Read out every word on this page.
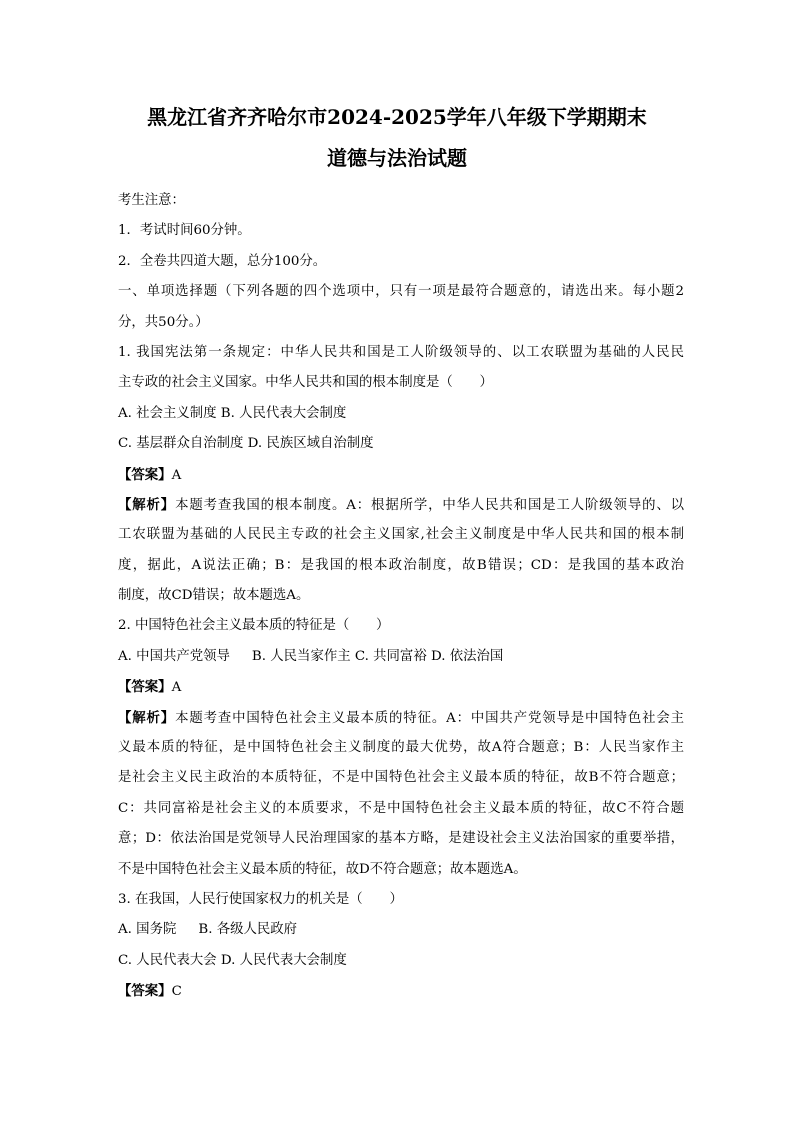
黑龙江省齐齐哈尔市2024-2025学年八年级下学期期末
道德与法治试题
考生注意：
1．考试时间60分钟。
2．全卷共四道大题，总分100分。
一、单项选择题（下列各题的四个选项中，只有一项是最符合题意的，请选出来。每小题2
分，共50分。）
1. 我国宪法第一条规定：中华人民共和国是工人阶级领导的、以工农联盟为基础的人民民
主专政的社会主义国家。中华人民共和国的根本制度是（　　）
A. 社会主义制度 B. 人民代表大会制度
C. 基层群众自治制度 D. 民族区域自治制度
【答案】A
【解析】本题考查我国的根本制度。A：根据所学，中华人民共和国是工人阶级领导的、以
工农联盟为基础的人民民主专政的社会主义国家,社会主义制度是中华人民共和国的根本制
度，据此，A说法正确；B：是我国的根本政治制度，故B错误；CD：是我国的基本政治
制度，故CD错误；故本题选A。
2. 中国特色社会主义最本质的特征是（　　）
A. 中国共产党领导 B. 人民当家作主 C. 共同富裕 D. 依法治国
【答案】A
【解析】本题考查中国特色社会主义最本质的特征。A：中国共产党领导是中国特色社会主
义最本质的特征，是中国特色社会主义制度的最大优势，故A符合题意；B：人民当家作主
是社会主义民主政治的本质特征，不是中国特色社会主义最本质的特征，故B不符合题意；
C：共同富裕是社会主义的本质要求，不是中国特色社会主义最本质的特征，故C不符合题
意；D：依法治国是党领导人民治理国家的基本方略，是建设社会主义法治国家的重要举措，
不是中国特色社会主义最本质的特征，故D不符合题意；故本题选A。
3. 在我国，人民行使国家权力的机关是（　　）
A. 国务院 B. 各级人民政府
C. 人民代表大会 D. 人民代表大会制度
【答案】C
